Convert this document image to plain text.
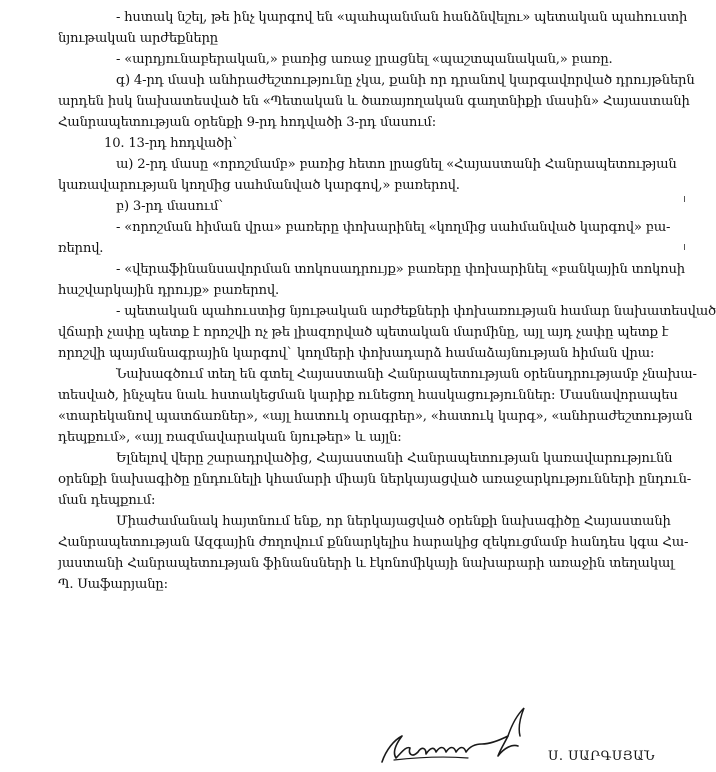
- հստակ նշել, թե ինչ կարգով են «պահպանման հանձնվելու» պետական պահուստի
նյութական արժեքները
- «արդյունաբերական,» բառից առաջ լրացնել «պաշտպանական,» բառը.
գ) 4-րդ մասի անհրաժեշտությունը չկա, քանի որ դրանով կարգավորված դրույթներն
արդեն իսկ նախատեսված են «Պետական և ծառայողական գաղտնիքի մասին» Հայաստանի
Հանրապետության օրենքի 9-րդ հոդվածի 3-րդ մասում:
10. 13-րդ հոդվածի`
ա) 2-րդ մասը «որոշմամբ» բառից հետո լրացնել «Հայաստանի Հանրապետության
կառավարության կողմից սահմանված կարգով,» բառերով.
բ) 3-րդ մասում`
- «որոշման հիման վրա» բառերը փոխարինել «կողմից սահմանված կարգով» բա-
ռերով.
- «վերաֆինանսավորման տոկոսադրույք» բառերը փոխարինել «բանկային տոկոսի
հաշվարկային դրույք» բառերով.
- պետական պահուստից նյութական արժեքների փոխառության համար նախատեսված
վճարի չափը պետք է որոշվի ոչ թե լիազորված պետական մարմինը, այլ այդ չափը պետք է
որոշվի պայմանագրային կարգով` կողմերի փոխադարձ համաձայնության հիման վրա:
Նախագծում տեղ են գտել Հայաստանի Հանրապետության օրենսդրությամբ չնախա-
տեսված, ինչպես նաև հստակեցման կարիք ունեցող հասկացություններ: Մասնավորապես
«տարեկանով պատճառներ», «այլ հատուկ օրագրեր», «հատուկ կարգ», «անհրաժեշտության
դեպքում», «այլ ռազմավարական նյութեր» և այլն:
Ելնելով վերը շարադրվածից, Հայաստանի Հանրապետության կառավարությունն
օրենքի նախագիծը ընդունելի կհամարի միայն ներկայացված առաջարկությունների ընդուն-
ման դեպքում:
Միաժամանակ հայտնում ենք, որ ներկայացված օրենքի նախագիծը Հայաստանի
Հանրապետության Ազգային ժողովում քննարկելիս հարակից զեկուցմամբ հանդես կգա Հա-
յաստանի Հանրապետության ֆինանսների և էկոնոմիկայի նախարարի առաջին տեղակալ
Պ. Սաֆարյանը:
Ս. ՍԱՐԳՍՅԱՆ
